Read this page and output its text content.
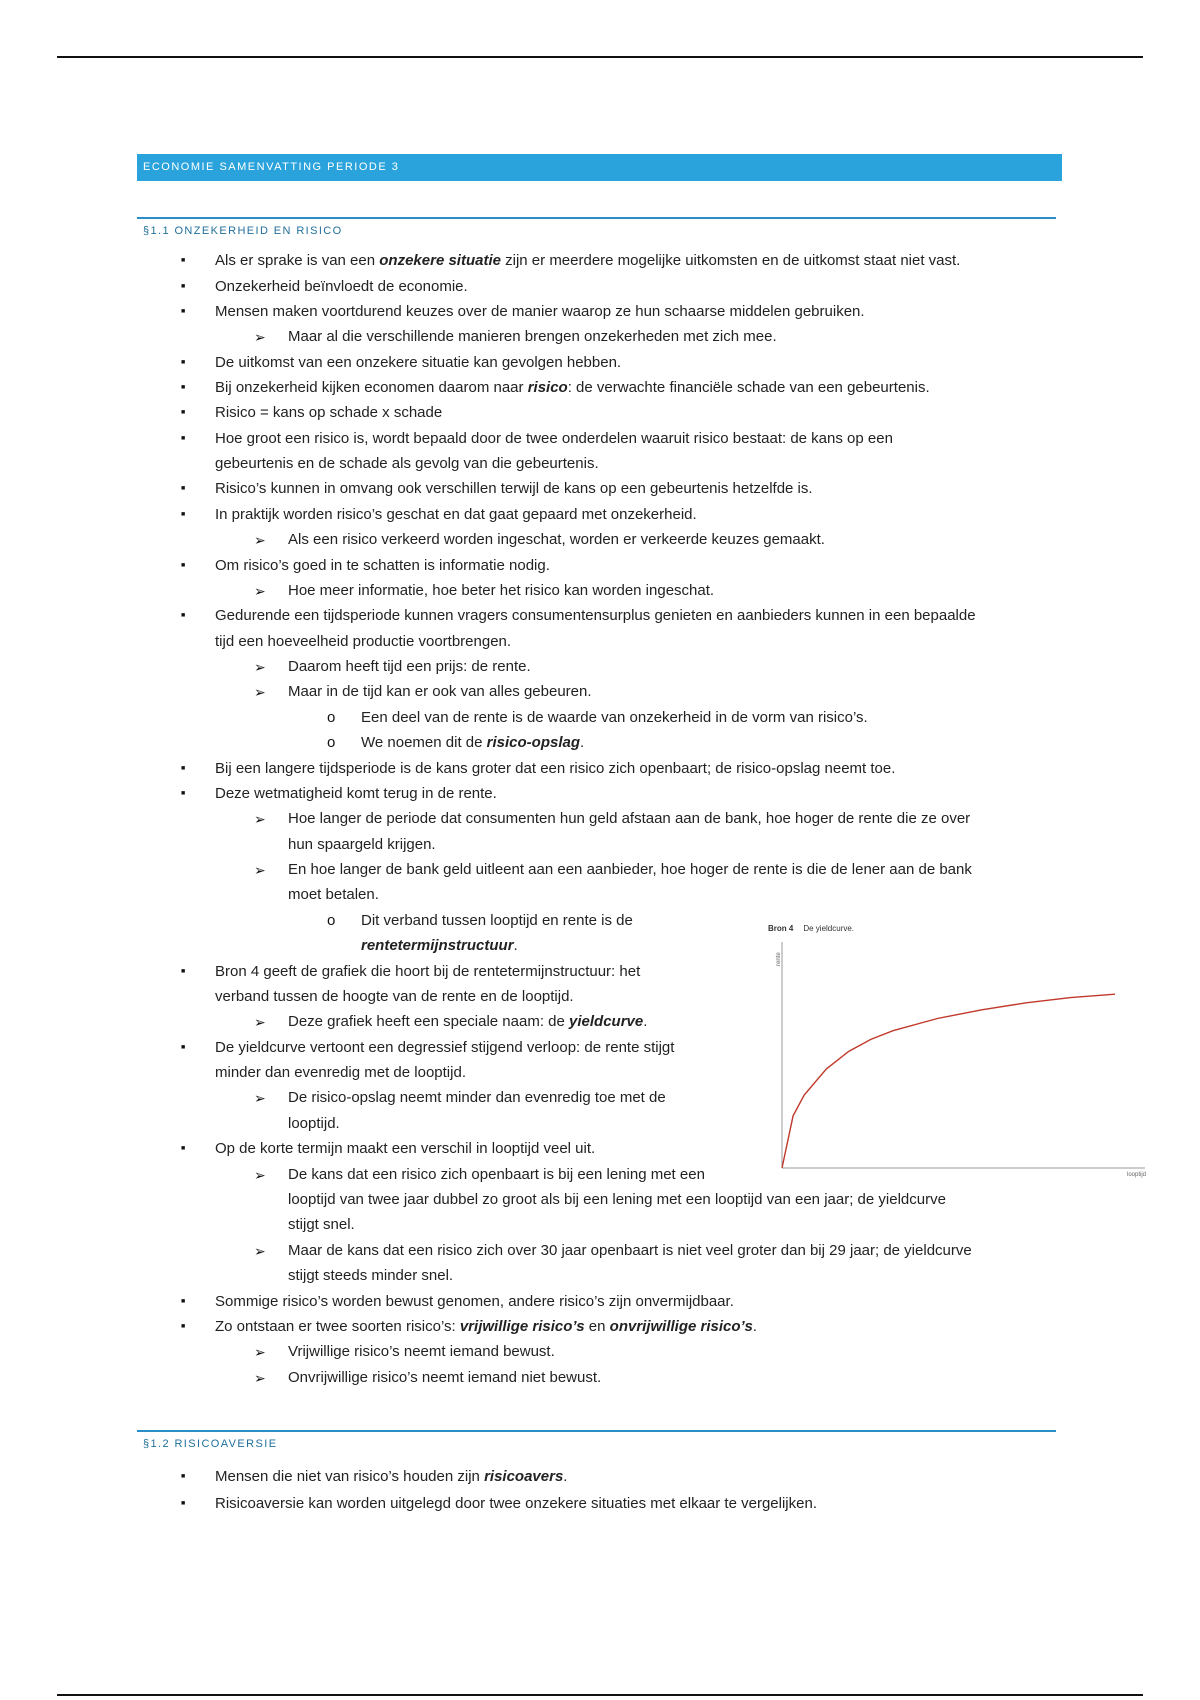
ECONOMIE SAMENVATTING PERIODE 3
§1.1 ONZEKERHEID EN RISICO
■ Als er sprake is van een onzekere situatie zijn er meerdere mogelijke uitkomsten en de uitkomst staat niet vast.
■ Onzekerheid beïnvloedt de economie.
■ Mensen maken voortdurend keuzes over de manier waarop ze hun schaarse middelen gebruiken.
➢ Maar al die verschillende manieren brengen onzekerheden met zich mee.
■ De uitkomst van een onzekere situatie kan gevolgen hebben.
■ Bij onzekerheid kijken economen daarom naar risico: de verwachte financiële schade van een gebeurtenis.
■ Risico = kans op schade x schade
■ Hoe groot een risico is, wordt bepaald door de twee onderdelen waaruit risico bestaat: de kans op een
gebeurtenis en de schade als gevolg van die gebeurtenis.
■ Risico’s kunnen in omvang ook verschillen terwijl de kans op een gebeurtenis hetzelfde is.
■ In praktijk worden risico’s geschat en dat gaat gepaard met onzekerheid.
➢ Als een risico verkeerd worden ingeschat, worden er verkeerde keuzes gemaakt.
■ Om risico’s goed in te schatten is informatie nodig.
➢ Hoe meer informatie, hoe beter het risico kan worden ingeschat.
■ Gedurende een tijdsperiode kunnen vragers consumentensurplus genieten en aanbieders kunnen in een bepaalde
tijd een hoeveelheid productie voortbrengen.
➢ Daarom heeft tijd een prijs: de rente.
➢ Maar in de tijd kan er ook van alles gebeuren.
o Een deel van de rente is de waarde van onzekerheid in de vorm van risico’s.
o We noemen dit de risico-opslag.
■ Bij een langere tijdsperiode is de kans groter dat een risico zich openbaart; de risico-opslag neemt toe.
■ Deze wetmatigheid komt terug in de rente.
➢ Hoe langer de periode dat consumenten hun geld afstaan aan de bank, hoe hoger de rente die ze over
hun spaargeld krijgen.
➢ En hoe langer de bank geld uitleent aan een aanbieder, hoe hoger de rente is die de lener aan de bank
moet betalen.
o Dit verband tussen looptijd en rente is de
rentetermijnstructuur.
■ Bron 4 geeft de grafiek die hoort bij de rentetermijnstructuur: het
verband tussen de hoogte van de rente en de looptijd.
➢ Deze grafiek heeft een speciale naam: de yieldcurve.
■ De yieldcurve vertoont een degressief stijgend verloop: de rente stijgt
minder dan evenredig met de looptijd.
➢ De risico-opslag neemt minder dan evenredig toe met de
looptijd.
■ Op de korte termijn maakt een verschil in looptijd veel uit.
➢ De kans dat een risico zich openbaart is bij een lening met een
looptijd van twee jaar dubbel zo groot als bij een lening met een looptijd van een jaar; de yieldcurve
stijgt snel.
➢ Maar de kans dat een risico zich over 30 jaar openbaart is niet veel groter dan bij 29 jaar; de yieldcurve
stijgt steeds minder snel.
■ Sommige risico’s worden bewust genomen, andere risico’s zijn onvermijdbaar.
■ Zo ontstaan er twee soorten risico’s: vrijwillige risico’s en onvrijwillige risico’s.
➢ Vrijwillige risico’s neemt iemand bewust.
➢ Onvrijwillige risico’s neemt iemand niet bewust.
§1.2 RISICOAVERSIE
■ Mensen die niet van risico’s houden zijn risicoavers.
■ Risicoaversie kan worden uitgelegd door twee onzekere situaties met elkaar te vergelijken.
Bron 4 De yieldcurve.
rente
looptijd
